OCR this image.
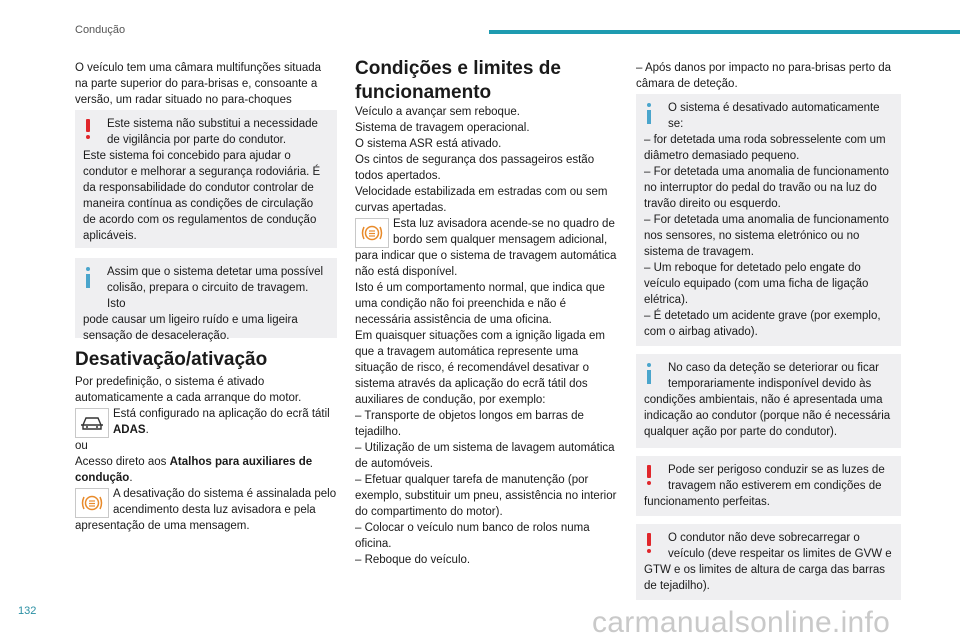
Condução
O veículo tem uma câmara multifunções situada na parte superior do para-brisas e, consoante a versão, um radar situado no para-choques
Este sistema não substitui a necessidade de vigilância por parte do condutor.
Este sistema foi concebido para ajudar o condutor e melhorar a segurança rodoviária. É da responsabilidade do condutor controlar de maneira contínua as condições de circulação de acordo com os regulamentos de condução aplicáveis.
Assim que o sistema detetar uma possível colisão, prepara o circuito de travagem. Isto
pode causar um ligeiro ruído e uma ligeira sensação de desaceleração.
Desativação/ativação
Por predefinição, o sistema é ativado automaticamente a cada arranque do motor.
Está configurado na aplicação do ecrã tátil ADAS.
ou
Acesso direto aos Atalhos para auxiliares de condução.
A desativação do sistema é assinalada pelo acendimento desta luz avisadora e pela
apresentação de uma mensagem.
Condições e limites de funcionamento
Veículo a avançar sem reboque.
Sistema de travagem operacional.
O sistema ASR está ativado.
Os cintos de segurança dos passageiros estão todos apertados.
Velocidade estabilizada em estradas com ou sem curvas apertadas.
Esta luz avisadora acende-se no quadro de bordo sem qualquer mensagem adicional,
para indicar que o sistema de travagem automática não está disponível.
Isto é um comportamento normal, que indica que uma condição não foi preenchida e não é necessária assistência de uma oficina.
Em quaisquer situações com a ignição ligada em que a travagem automática represente uma situação de risco, é recomendável desativar o sistema através da aplicação do ecrã tátil dos auxiliares de condução, por exemplo:
– Transporte de objetos longos em barras de tejadilho.
– Utilização de um sistema de lavagem automática de automóveis.
– Efetuar qualquer tarefa de manutenção (por exemplo, substituir um pneu, assistência no interior do compartimento do motor).
– Colocar o veículo num banco de rolos numa oficina.
– Reboque do veículo.
– Após danos por impacto no para-brisas perto da câmara de deteção.
O sistema é desativado automaticamente se:
– for detetada uma roda sobresselente com um diâmetro demasiado pequeno.
– For detetada uma anomalia de funcionamento no interruptor do pedal do travão ou na luz do travão direito ou esquerdo.
– For detetada uma anomalia de funcionamento nos sensores, no sistema eletrónico ou no sistema de travagem.
– Um reboque for detetado pelo engate do veículo equipado (com uma ficha de ligação elétrica).
– É detetado um acidente grave (por exemplo, com o airbag ativado).
No caso da deteção se deteriorar ou ficar temporariamente indisponível devido às
condições ambientais, não é apresentada uma indicação ao condutor (porque não é necessária qualquer ação por parte do condutor).
Pode ser perigoso conduzir se as luzes de travagem não estiverem em condições de
funcionamento perfeitas.
O condutor não deve sobrecarregar o veículo (deve respeitar os limites de GVW e
GTW e os limites de altura de carga das barras de tejadilho).
132	carmanualsonline.info
